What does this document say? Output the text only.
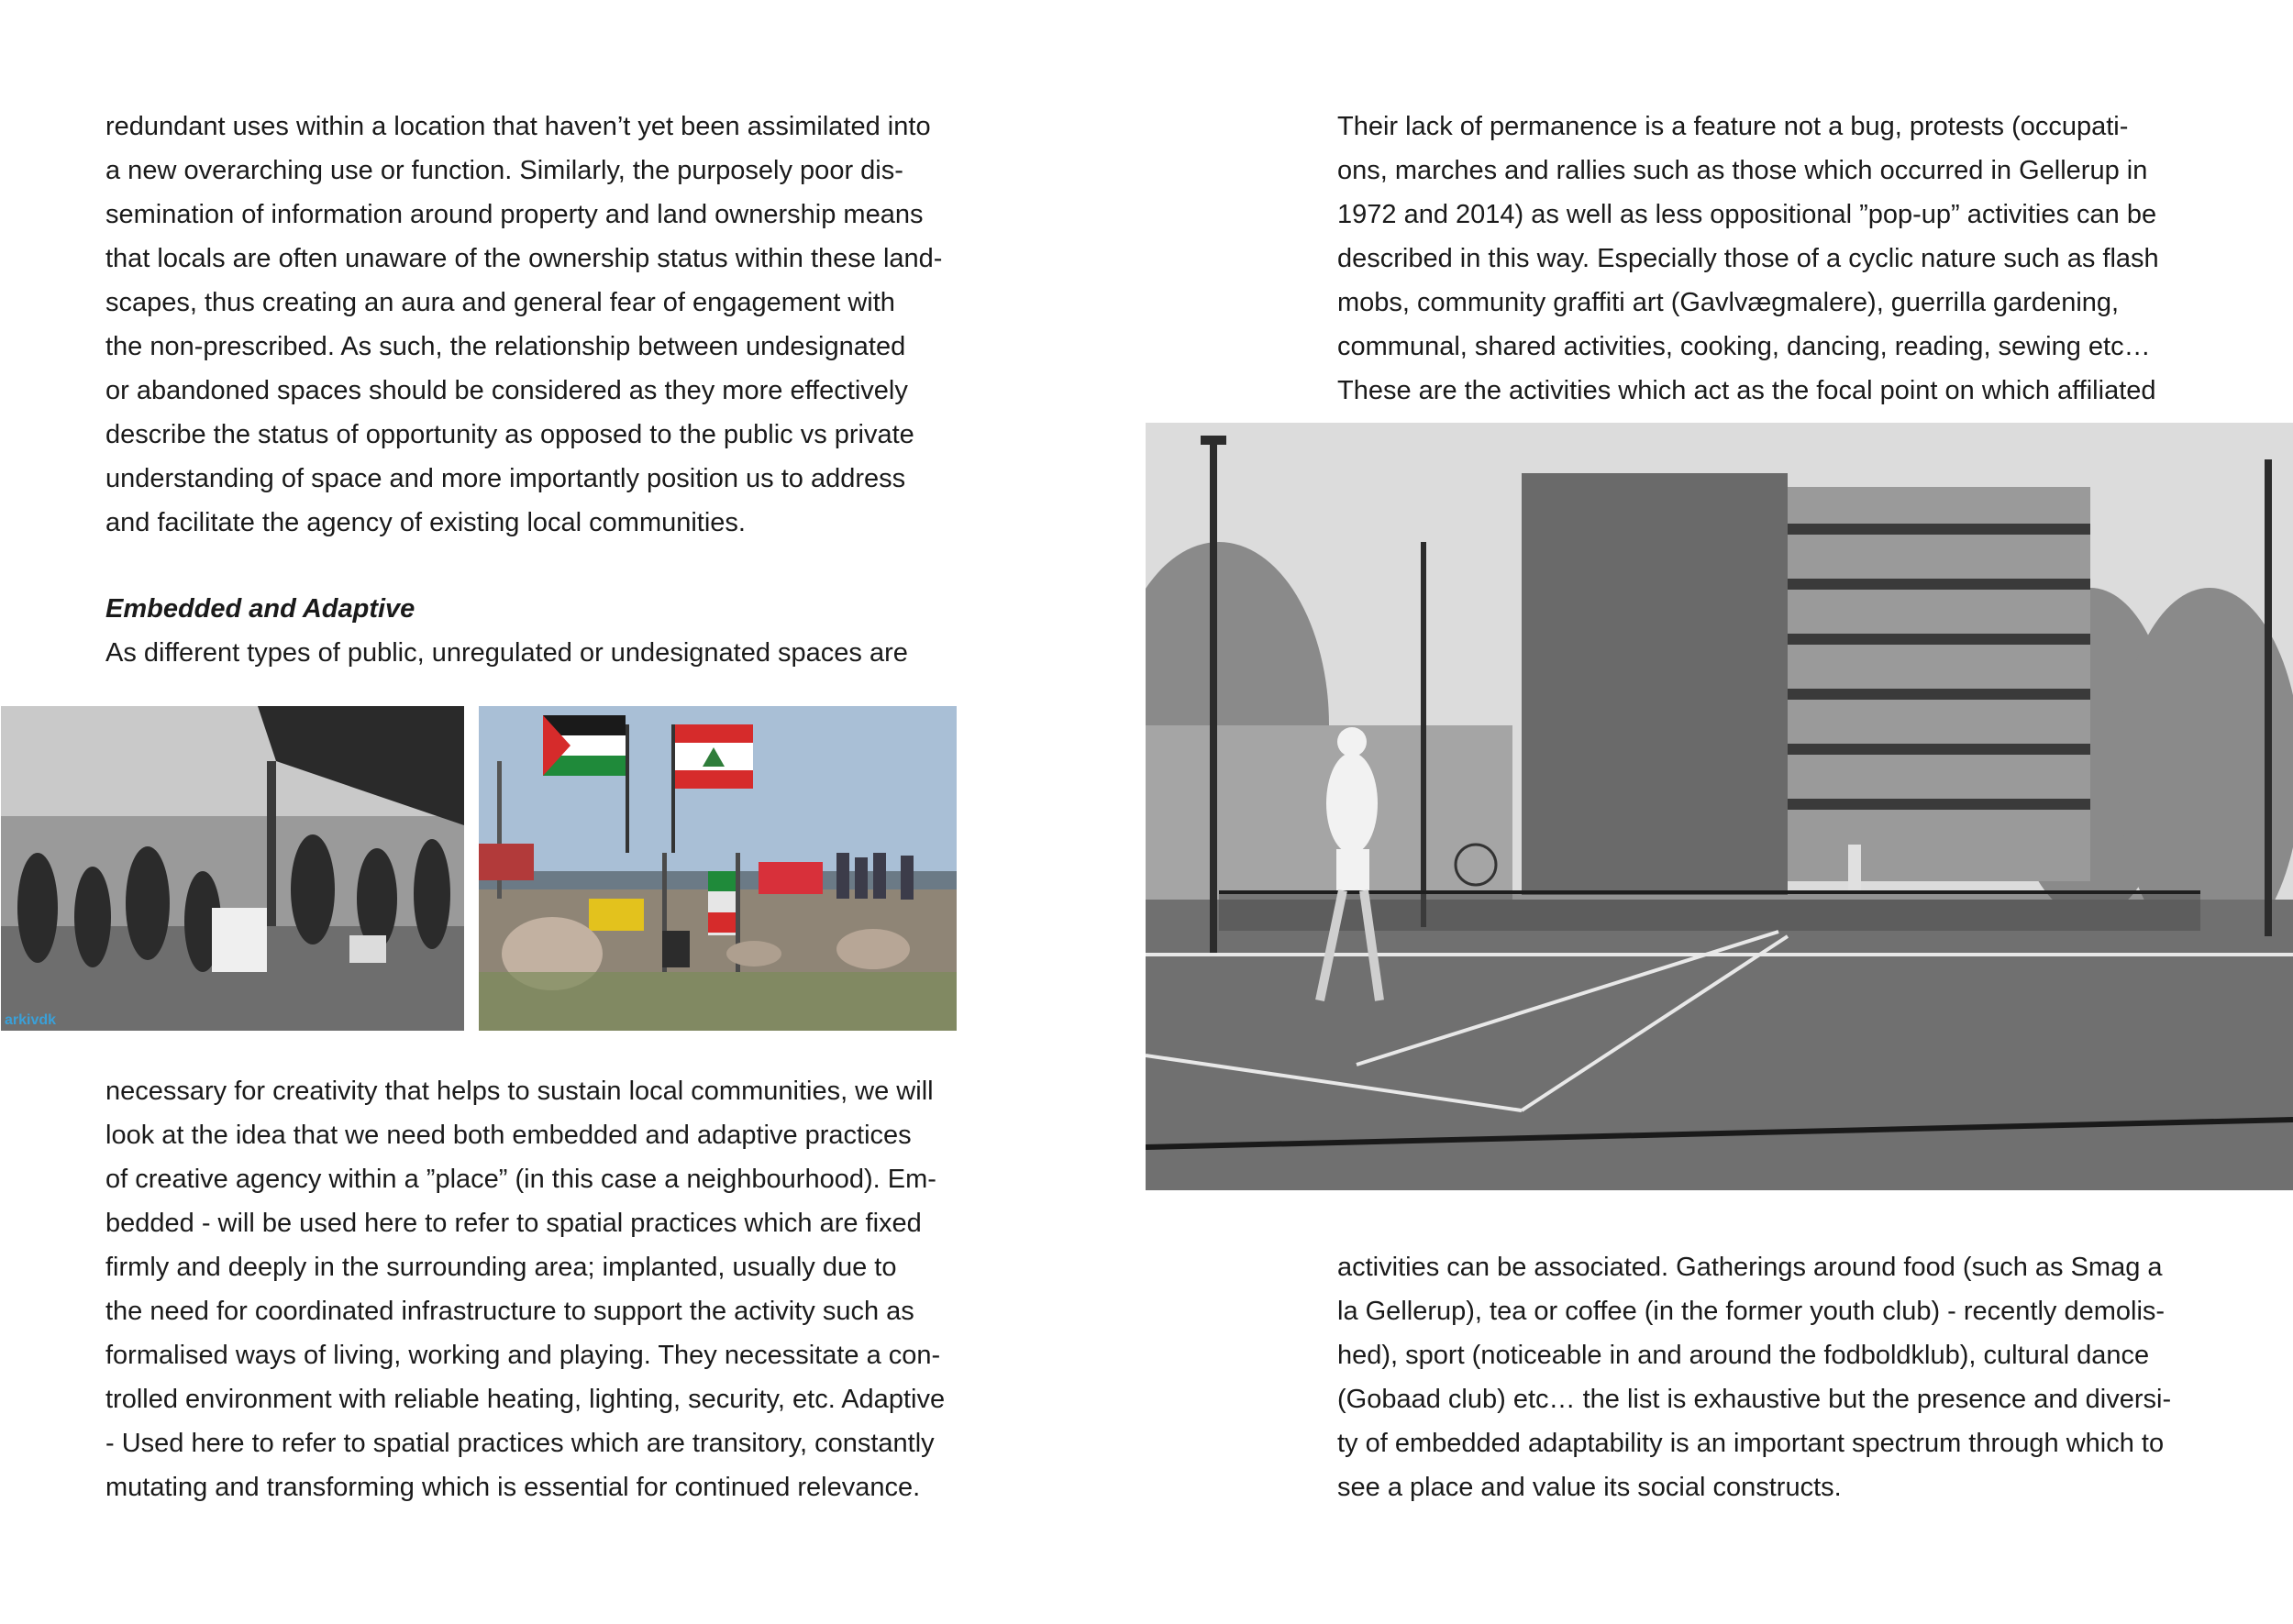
redundant uses within a location that haven’t yet been assimilated into

a new overarching use or function. Similarly, the purposely poor dis-

semination of information around property and land ownership means

that locals are often unaware of the ownership status within these land-

scapes, thus creating an aura and general fear of engagement with

the non-prescribed. As such, the relationship between undesignated

or abandoned spaces should be considered as they more effectively

describe the status of opportunity as opposed to the public vs private

understanding of space and more importantly position us to address

and facilitate the agency of existing local communities.

Embedded and Adaptive

As different types of public, unregulated or undesignated spaces are

arkivdk

necessary for creativity that helps to sustain local communities, we will

look at the idea that we need both embedded and adaptive practices

of creative agency within a ”place” (in this case a neighbourhood). Em-

bedded - will be used here to refer to spatial practices which are fixed

firmly and deeply in the surrounding area; implanted, usually due to

the need for coordinated infrastructure to support the activity such as

formalised ways of living, working and playing. They necessitate a con-

trolled environment with reliable heating, lighting, security, etc. Adaptive

- Used here to refer to spatial practices which are transitory, constantly

mutating and transforming which is essential for continued relevance.

Their lack of permanence is a feature not a bug, protests (occupati-

ons, marches and rallies such as those which occurred in Gellerup in

1972 and 2014) as well as less oppositional ”pop-up” activities can be

described in this way. Especially those of a cyclic nature such as flash

mobs, community graffiti art (Gavlvægmalere), guerrilla gardening,

communal, shared activities, cooking, dancing, reading, sewing etc…

These are the activities which act as the focal point on which affiliated

activities can be associated. Gatherings around food (such as Smag a

la Gellerup), tea or coffee (in the former youth club) - recently demolis-

hed), sport (noticeable in and around the fodboldklub), cultural dance

(Gobaad club) etc… the list is exhaustive but the presence and diversi-

ty of embedded adaptability is an important spectrum through which to

see a place and value its social constructs.
